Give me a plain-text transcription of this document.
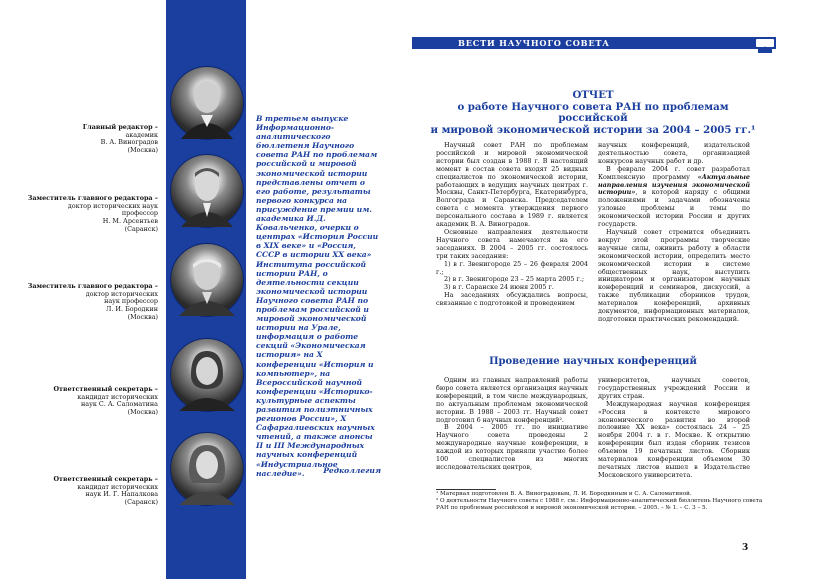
Главный редактор –
академик
В. А. Виноградов
(Москва)
Заместитель главного редактора –
доктор исторических наук
профессор
Н. М. Арсентьев
(Саранск)
Заместитель главного редактора –
доктор исторических
наук профессор
Л. И. Бородкин
(Москва)
Ответственный секретарь –
кандидат исторических
наук С. А. Саломатина
(Москва)
Ответственный секретарь –
кандидат исторических
наук И. Г. Напалкова
(Саранск)
В третьем выпуске Информационно-аналитического бюллетеня Научного совета РАН по проблемам российской и мировой экономической истории представлены отчет о его работе, результаты первого конкурса на присуждение премии им. академика И.Д. Ковальченко, очерки о центрах «История России в XIX веке» и «Россия, СССР в истории XX века» Института российской истории РАН, о деятельности секции экономической истории Научного совета РАН по проблемам российской и мировой экономической истории на Урале, информация о работе секций «Экономическая история» на X конференции «История и компьютер», на Всероссийской научной конференции «Историко-культурные аспекты развития полиэтничных регионов России», Х Сафаргалиевских научных чтений, а также анонсы II и III Международных научных конференций «Индустриальное наследие».	Редколлегия
ВЕСТИ НАУЧНОГО СОВЕТА
ОТЧЕТ
о работе Научного совета РАН по проблемам российской
и мировой экономической истории за 2004 – 2005 гг.¹

Научный совет РАН по проблемам российской и мировой экономической истории был создан в 1988 г. В настоящий момент в состав совета входят 25 видных специалистов по экономической истории, работающих в ведущих научных центрах г. Москвы, Санкт-Петербурга, Екатеринбурга, Волгограда и Саранска. Председателем совета с момента утверждения первого персонального состава в 1989 г. является академик В. А. Виноградов.

Основные направления деятельности Научного совета намечаются на его заседаниях. В 2004 – 2005 гг. состоялось три таких заседания:

1) в г. Звенигороде 25 – 26 февраля 2004 г.;

2) в г. Звенигороде 23 – 25 марта 2005 г.;

3) в г. Саранске 24 июня 2005 г.

На заседаниях обсуждались вопросы, связанные с подготовкой и проведением

научных конференций, издательской деятельностью совета, организацией конкурсов научных работ и др.

В феврале 2004 г. совет разработал Комплексную программу «Актуальные направления изучения экономической истории», в которой наряду с общими положениями и задачами обозначены узловые проблемы и темы по экономической истории России и других государств.

Научный совет стремится объединить вокруг этой программы творческие научные силы, оживить работу в области экономической истории, определить место экономической истории в системе общественных наук, выступить инициатором и организатором научных конференций и семинаров, дискуссий, а также публикации сборников трудов, материалов конференций, архивных документов, информационных материалов, подготовки практических рекомендаций.

Проведение научных конференций

Одним из главных направлений работы бюро совета является организация научных конференций, в том числе международных, по актуальным проблемам экономической истории. В 1988 – 2003 гг. Научный совет подготовил 6 научных конференций².

В 2004 – 2005 гг. по инициативе Научного совета проведены 2 международные научные конференции, в каждой из которых приняли участие более 100 специалистов из многих исследовательских центров,

университетов, научных советов, государственных учреждений России и других стран.

Международная научная конференция «Россия в контексте мирового экономического развития во второй половине XX века» состоялась 24 – 25 ноября 2004 г. в г. Москве. К открытию конференции был издан сборник тезисов объемом 19 печатных листов. Сборник материалов конференции объемом 30 печатных листов вышел в Издательстве Московского университета.

¹ Материал подготовлен В. А. Виноградовым, Л. И. Бородкиным и С. А. Саломатиной.
² О деятельности Научного совета с 1988 г. см.: Информационно-аналитический бюллетень Научного совета РАН по проблемам российской и мировой экономической истории. – 2005. – № 1. – С. 3 – 5.
3
